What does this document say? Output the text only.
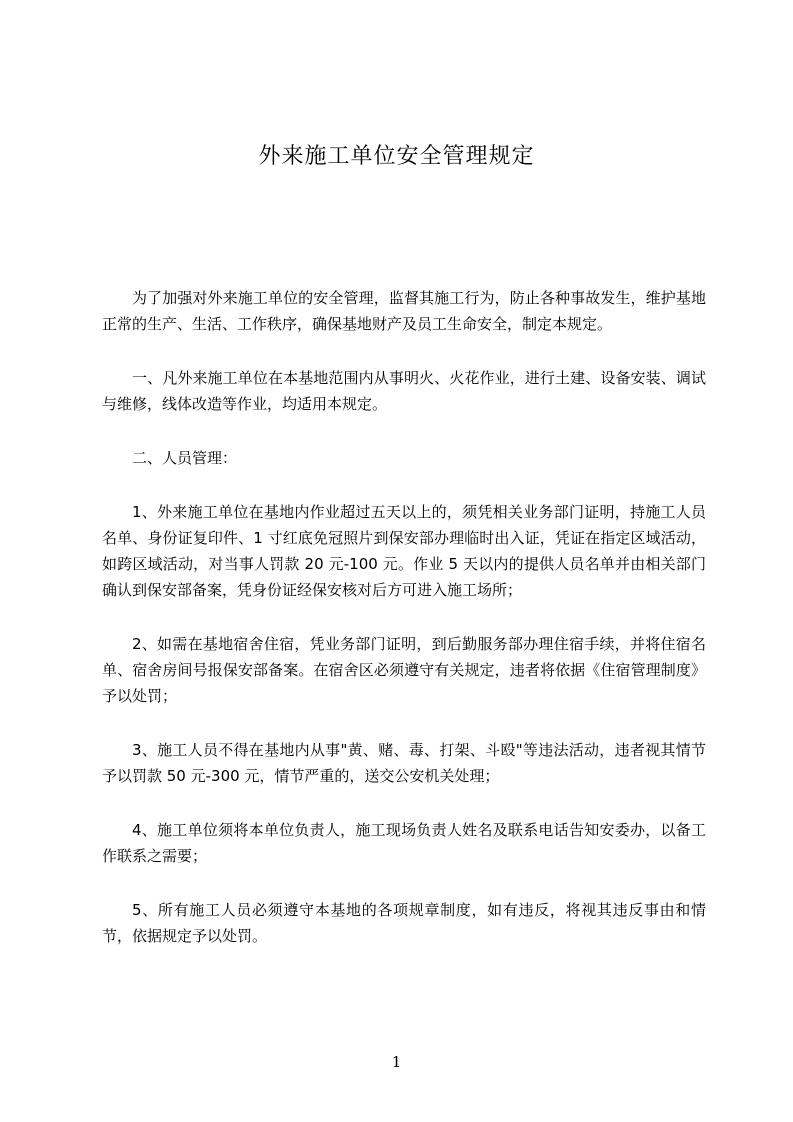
外来施工单位安全管理规定

为了加强对外来施工单位的安全管理，监督其施工行为，防止各种事故发生，维护基地正常的生产、生活、工作秩序，确保基地财产及员工生命安全，制定本规定。

一、凡外来施工单位在本基地范围内从事明火、火花作业，进行土建、设备安装、调试与维修，线体改造等作业，均适用本规定。

二、人员管理：

1、外来施工单位在基地内作业超过五天以上的，须凭相关业务部门证明，持施工人员名单、身份证复印件、1 寸红底免冠照片到保安部办理临时出入证，凭证在指定区域活动，如跨区域活动，对当事人罚款 20 元-100 元。作业 5 天以内的提供人员名单并由相关部门确认到保安部备案，凭身份证经保安核对后方可进入施工场所；

2、如需在基地宿舍住宿，凭业务部门证明，到后勤服务部办理住宿手续，并将住宿名单、宿舍房间号报保安部备案。在宿舍区必须遵守有关规定，违者将依据《住宿管理制度》予以处罚；

3、施工人员不得在基地内从事"黄、赌、毒、打架、斗殴"等违法活动，违者视其情节予以罚款 50 元-300 元，情节严重的，送交公安机关处理；

4、施工单位须将本单位负责人，施工现场负责人姓名及联系电话告知安委办，以备工作联系之需要；

5、所有施工人员必须遵守本基地的各项规章制度，如有违反，将视其违反事由和情节，依据规定予以处罚。

1
